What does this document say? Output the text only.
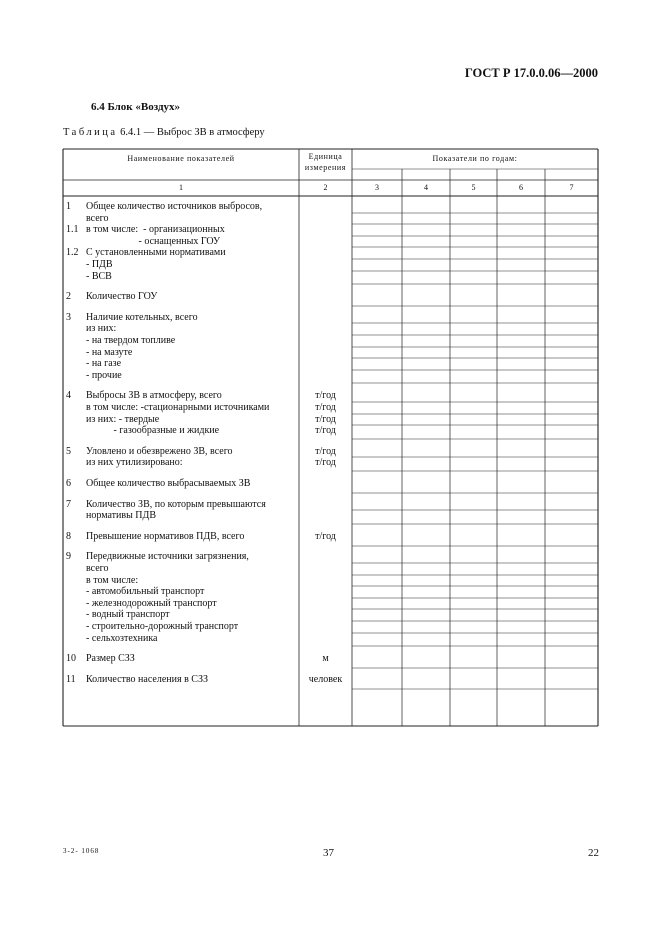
ГОСТ Р 17.0.0.06—2000
6.4 Блок «Воздух»
Таблица 6.4.1 — Выброс ЗВ в атмосферу
3-2- 1068	37	22
Наименование показателей	Единица
измерения
Показатели по годам:
1	2	3	4	5	6	7
1 Общее количество источников выбросов,
всего
1.1 в том числе:  - организационных
- оснащенных ГОУ
1.2 С установленными нормативами
- ПДВ
- ВСВ
2 Количество ГОУ
3 Наличие котельных, всего
из них:
- на твердом топливе
- на мазуте
- на газе
- прочие
4 Выбросы ЗВ в атмосферу, всего	т/год
в том числе: -стационарными источниками	т/год
из них: - твердые	т/год
- газообразные и жидкие	т/год
5 Уловлено и обезврежено ЗВ, всего	т/год
из них утилизировано:	т/год
6 Общее количество выбрасываемых ЗВ
7 Количество ЗВ, по которым превышаются
нормативы ПДВ
8 Превышение нормативов ПДВ, всего	т/год
9 Передвижные источники загрязнения,
всего
в том числе:
- автомобильный транспорт
- железнодорожный транспорт
- водный транспорт
- строительно-дорожный транспорт
- сельхозтехника
10 Размер СЗЗ	м
11 Количество населения в СЗЗ	человек
